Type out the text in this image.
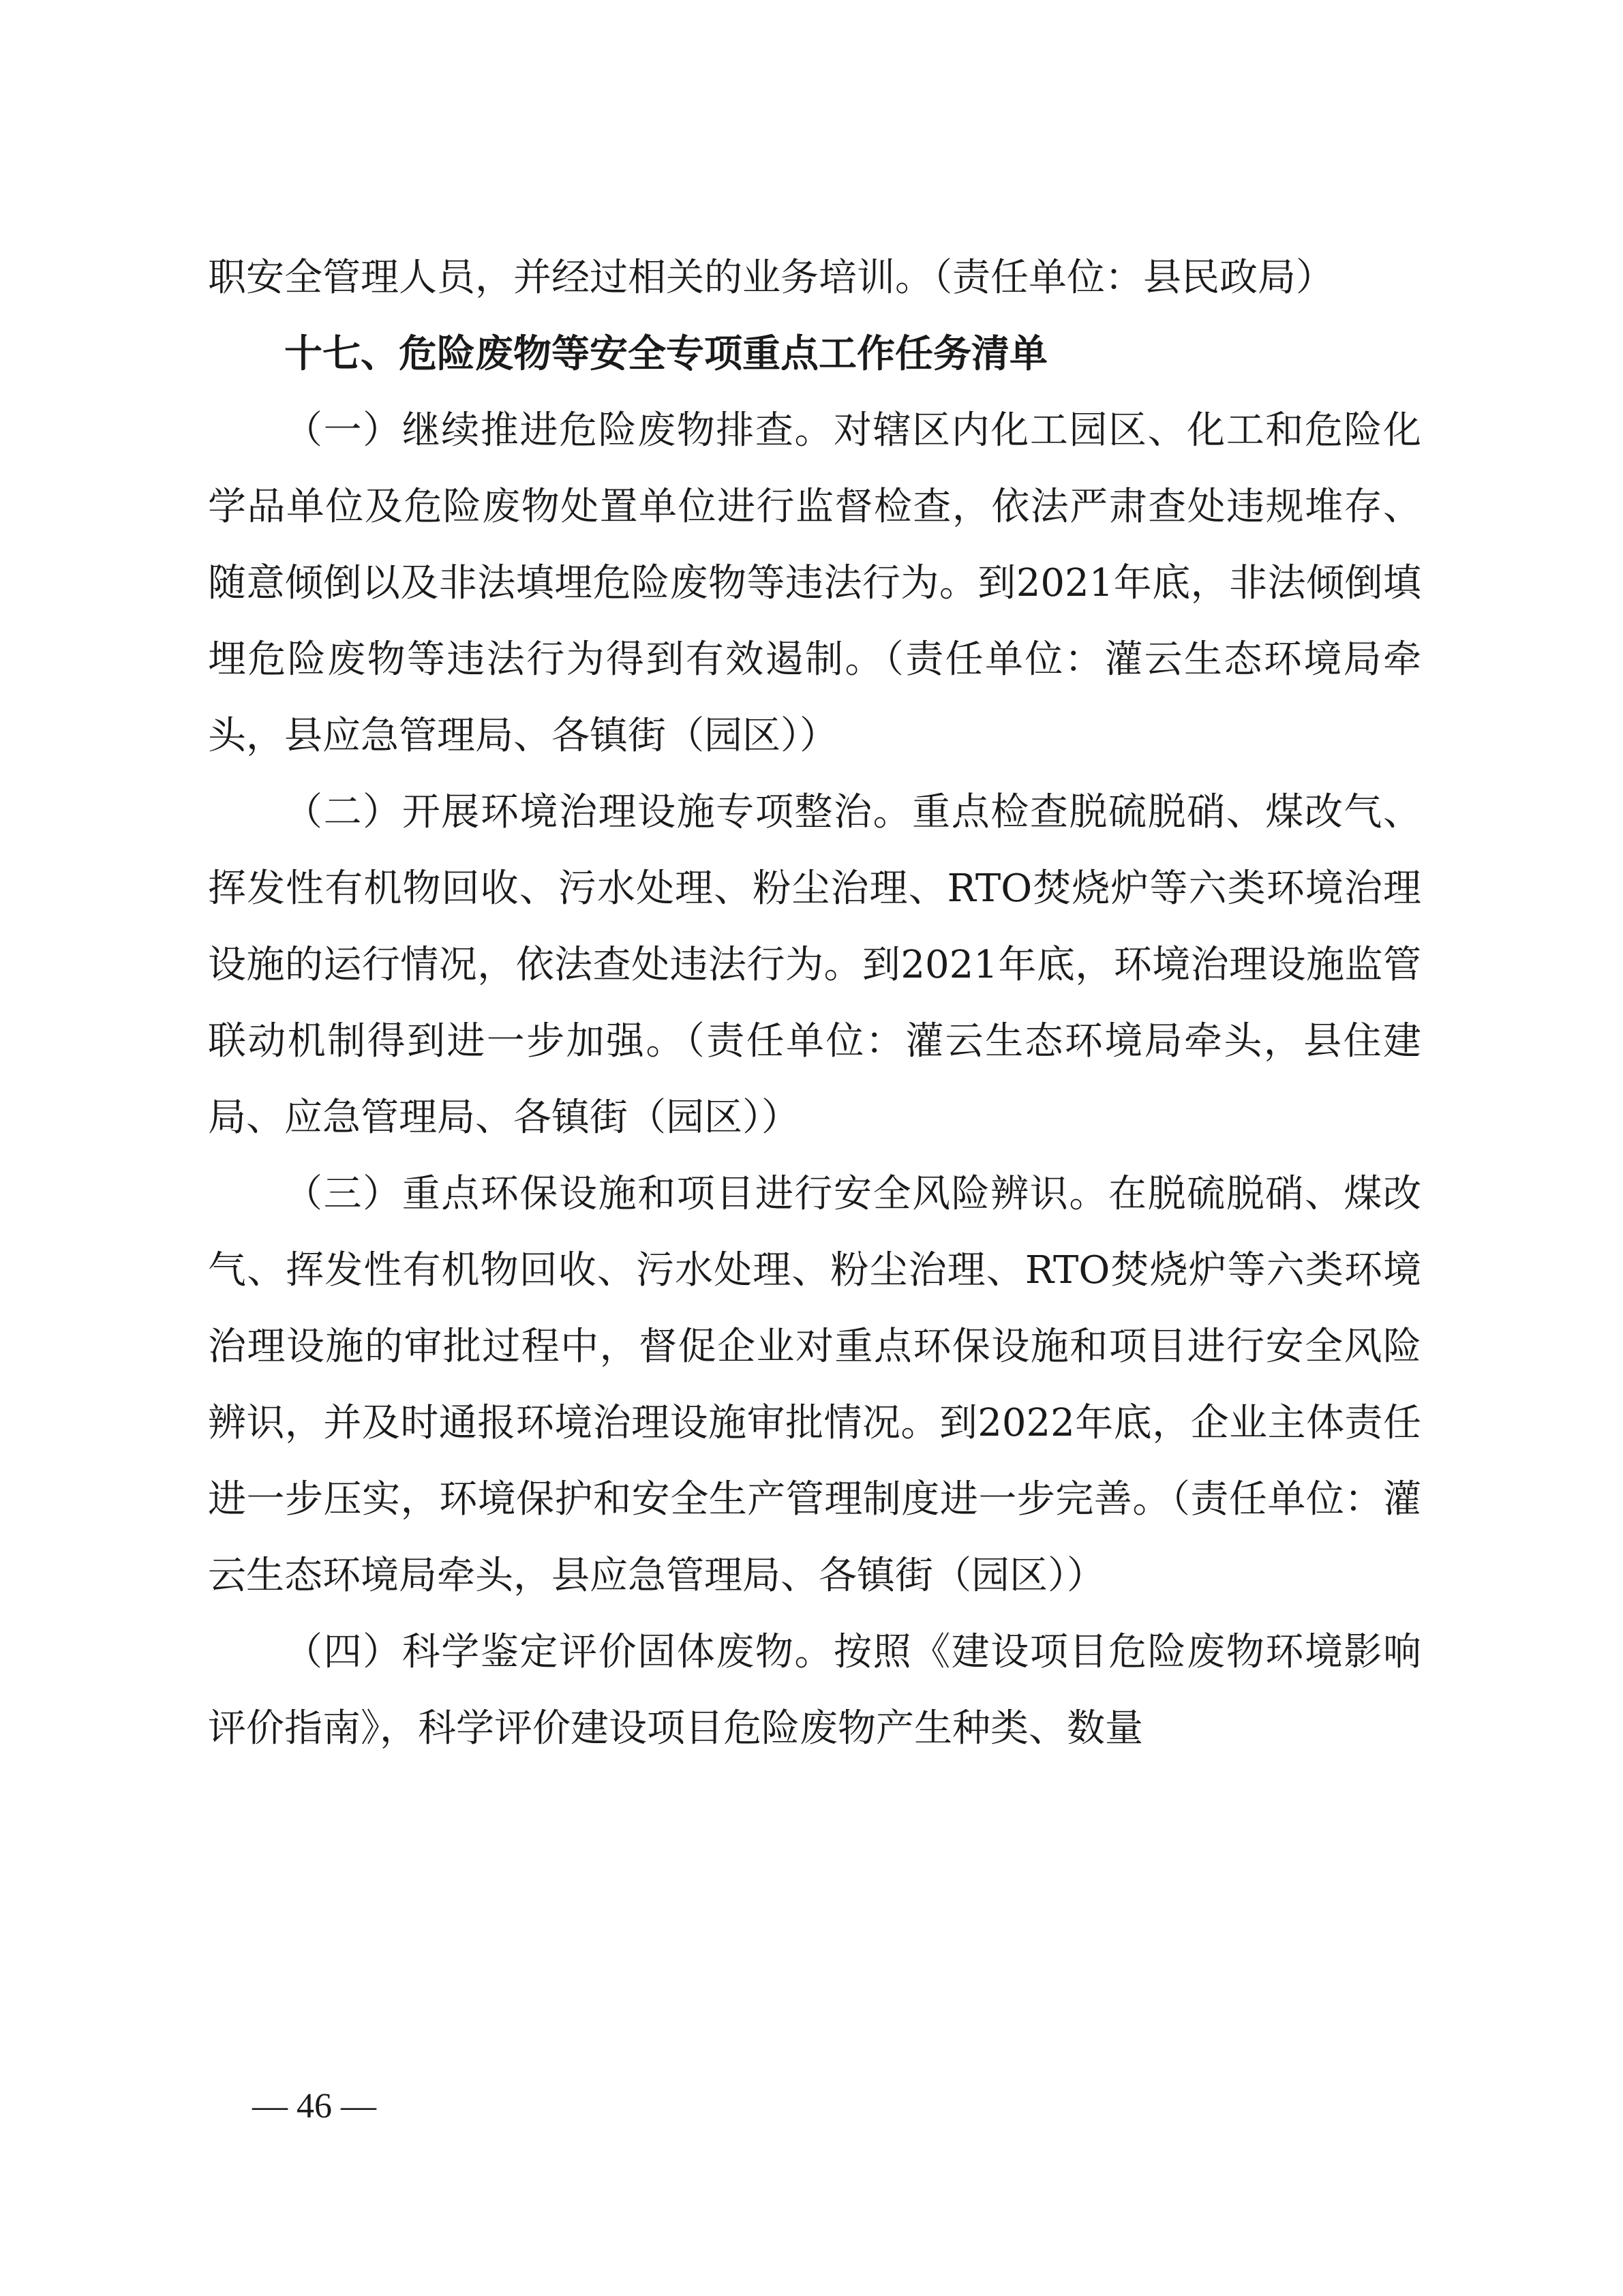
职安全管理人员，并经过相关的业务培训。（责任单位：县民政局）

十七、危险废物等安全专项重点工作任务清单

（一）继续推进危险废物排查。对辖区内化工园区、化工和危险化学品单位及危险废物处置单位进行监督检查，依法严肃查处违规堆存、随意倾倒以及非法填埋危险废物等违法行为。到2021年底，非法倾倒填埋危险废物等违法行为得到有效遏制。（责任单位：灌云生态环境局牵头，县应急管理局、各镇街（园区））

（二）开展环境治理设施专项整治。重点检查脱硫脱硝、煤改气、挥发性有机物回收、污水处理、粉尘治理、RTO焚烧炉等六类环境治理设施的运行情况，依法查处违法行为。到2021年底，环境治理设施监管联动机制得到进一步加强。（责任单位：灌云生态环境局牵头，县住建局、应急管理局、各镇街（园区））

（三）重点环保设施和项目进行安全风险辨识。在脱硫脱硝、煤改气、挥发性有机物回收、污水处理、粉尘治理、RTO焚烧炉等六类环境治理设施的审批过程中，督促企业对重点环保设施和项目进行安全风险辨识，并及时通报环境治理设施审批情况。到2022年底，企业主体责任进一步压实，环境保护和安全生产管理制度进一步完善。（责任单位：灌云生态环境局牵头，县应急管理局、各镇街（园区））

（四）科学鉴定评价固体废物。按照《建设项目危险废物环境影响评价指南》，科学评价建设项目危险废物产生种类、数量

— 46 —
